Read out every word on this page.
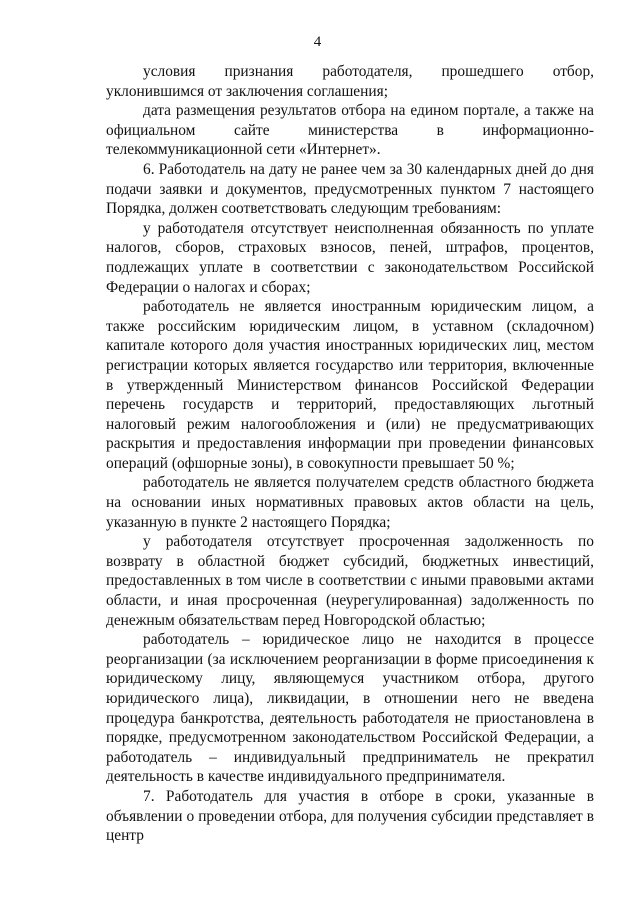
4

условия признания работодателя, прошедшего отбор, уклонившимся от заключения соглашения;

дата размещения результатов отбора на едином портале, а также на официальном сайте министерства в информационно-телекоммуникационной сети «Интернет».

6. Работодатель на дату не ранее чем за 30 календарных дней до дня подачи заявки и документов, предусмотренных пунктом 7 настоящего Порядка, должен соответствовать следующим требованиям:

у работодателя отсутствует неисполненная обязанность по уплате налогов, сборов, страховых взносов, пеней, штрафов, процентов, подлежащих уплате в соответствии с законодательством Российской Федерации о налогах и сборах;

работодатель не является иностранным юридическим лицом, а также российским юридическим лицом, в уставном (складочном) капитале которого доля участия иностранных юридических лиц, местом регистрации которых является государство или территория, включенные в утвержденный Министерством финансов Российской Федерации перечень государств и территорий, предоставляющих льготный налоговый режим налогообложения и (или) не предусматривающих раскрытия и предоставления информации при проведении финансовых операций (офшорные зоны), в совокупности превышает 50 %;

работодатель не является получателем средств областного бюджета на основании иных нормативных правовых актов области на цель, указанную в пункте 2 настоящего Порядка;

у работодателя отсутствует просроченная задолженность по возврату в областной бюджет субсидий, бюджетных инвестиций, предоставленных в том числе в соответствии с иными правовыми актами области, и иная просроченная (неурегулированная) задолженность по денежным обязательствам перед Новгородской областью;

работодатель – юридическое лицо не находится в процессе реорганизации (за исключением реорганизации в форме присоединения к юридическому лицу, являющемуся участником отбора, другого юридического лица), ликвидации, в отношении него не введена процедура банкротства, деятельность работодателя не приостановлена в порядке, предусмотренном законодательством Российской Федерации, а работодатель – индивидуальный предприниматель не прекратил деятельность в качестве индивидуального предпринимателя.

7. Работодатель для участия в отборе в сроки, указанные в объявлении о проведении отбора, для получения субсидии представляет в центр
